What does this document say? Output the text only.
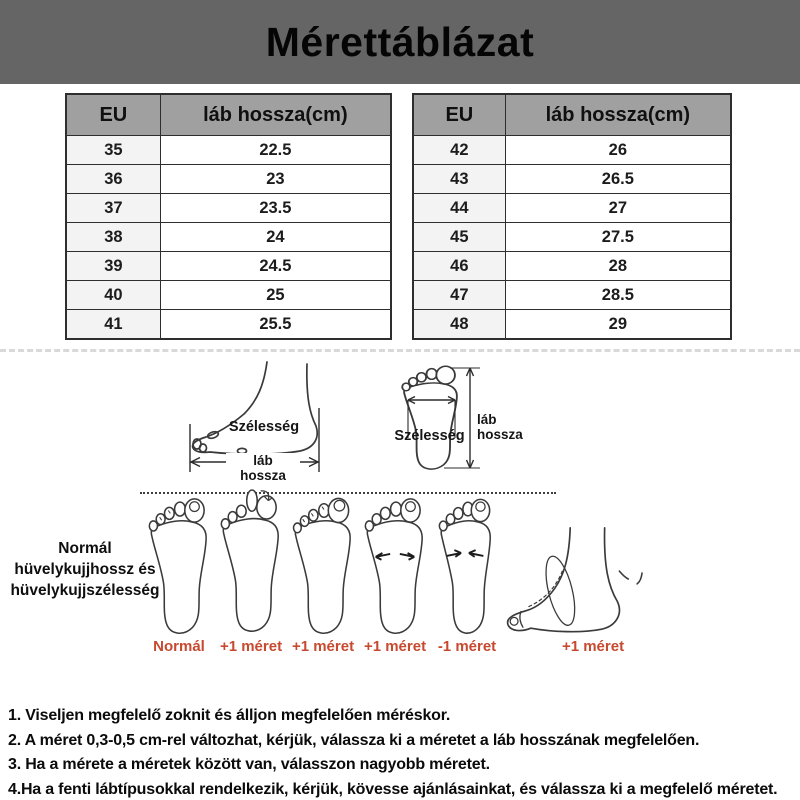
Mérettáblázat
EU	láb hossza(cm)
35	22.5
36	23
37	23.5
38	24
39	24.5
40	25
41	25.5
EU	láb hossza(cm)
42	26
43	26.5
44	27
45	27.5
46	28
47	28.5
48	29
Szélesség
láb hossza
Szélesség
láb hossza
Normál hüvelykujjhossz és hüvelykujjszélesség
Normál	+1 méret +1 méret +1 méret -1 méret	+1 méret
1. Viseljen megfelelő zoknit és álljon megfelelően méréskor.
2. A méret 0,3-0,5 cm-rel változhat, kérjük, válassza ki a méretet a láb hosszának megfelelően.
3. Ha a mérete a méretek között van, válasszon nagyobb méretet.
4.Ha a fenti lábtípusokkal rendelkezik, kérjük, kövesse ajánlásainkat, és válassza ki a megfelelő méretet.
